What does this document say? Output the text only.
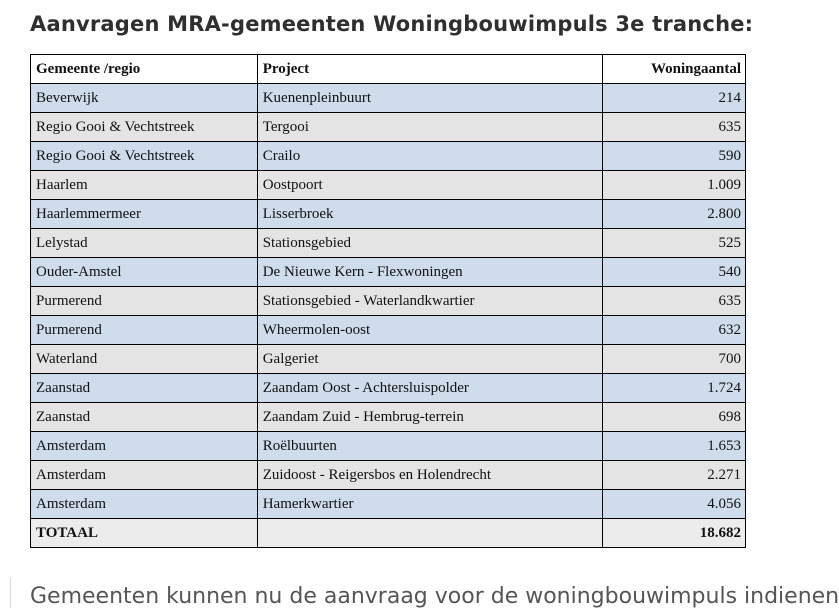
Aanvragen MRA-gemeenten Woningbouwimpuls 3e tranche:
Gemeente /regio	Project	Woningaantal
Beverwijk	Kuenenpleinbuurt	214
Regio Gooi & Vechtstreek	Tergooi	635
Regio Gooi & Vechtstreek	Crailo	590
Haarlem	Oostpoort	1.009
Haarlemmermeer	Lisserbroek	2.800
Lelystad	Stationsgebied	525
Ouder-Amstel	De Nieuwe Kern - Flexwoningen	540
Purmerend	Stationsgebied - Waterlandkwartier	635
Purmerend	Wheermolen-oost	632
Waterland	Galgeriet	700
Zaanstad	Zaandam Oost - Achtersluispolder	1.724
Zaanstad	Zaandam Zuid - Hembrug-terrein	698
Amsterdam	Roëlbuurten	1.653
Amsterdam	Zuidoost - Reigersbos en Holendrecht	2.271
Amsterdam	Hamerkwartier	4.056
TOTAAL		18.682
Gemeenten kunnen nu de aanvraag voor de woningbouwimpuls indienen
